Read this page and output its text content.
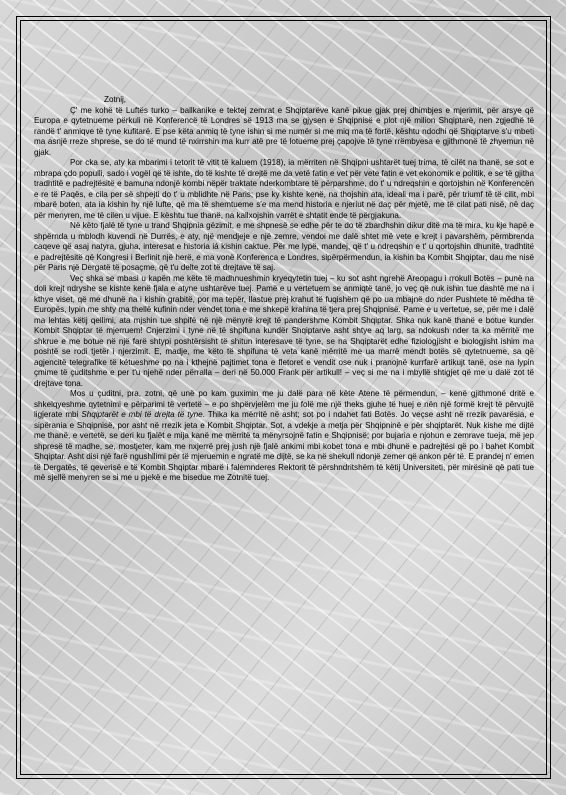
Zotnij,

Ç' me kohë të Luftës turko – ballkanike e tektej zemrat e Shqiptarëve kanë pikue gjak prej dhimbjes e mjerimit, për arsye që Europa e qytetnueme përkuli në Konferencë të Londres së 1913 ma se gjysen e Shqipnisë e plot një milion Shqiptarë, nen zgjedhë të randë t' anmiqve të tyne kufitarë. E pse këta anmiq të tyne ishin si me numër si me miq ma të fortë, kështu ndodhi që Shqiptarve s'u mbeti ma asnjë rreze shprese, se do të mund të nxirrshin ma kurr atë pre të lotueme prej çapojve të tyne rrëmbyesa e gjithmonë të zhyemun në gjak.

Por cka se, aty ka mbarimi i tetorit të vitit të kaluem (1918), ia mërriten në Shqipni ushtarët tuej trima, të cilët na thanë, se sot e mbrapa çdo populli, sado i vogël që të ishte, do të kishte të drejtë me da vetë fatin e vet për vete fatin e vet ekonomik e politik, e se të gjitha tradhtitë e padrejtësitë e bamuna ndonjë kombi nëpër traktate nderkombtare të përparshme, do t' u ndreqshin e qortojshin në Konferencën e re të Paqës, e cila per së shpejti do t' u mblidhte në Paris; pse ky kishte kenë, na thojshin ata, ideali ma i parë, për triumf të të cilit, mbi mbarë boten, ata ia kishin hy një lufte, që ma të shemtueme s'e ma mend historia e njeriut në daç për mjetë, me të cilat pati nisë, në daç për menyren, me të cilen u vijue. E kështu tue thanë, na kallxojshin varrët e shtatit ende të përgjakuna.

Në këto fjalë të tyne u trand Shqipnia gëzimit, e me shpnesë se edhe për te do të zbardhshin dikur ditë ma të mira, ku kje hapë e shpërnda u mblodh kuvendi në Durrës, e aty, një mendjeje e një zemre, vendoi me dalë shtet më vete e krejt i pavarshëm, përmbrenda caqeve që asaj natyra, gjuha, interesat e historia iá kishin caktue. Për me lypë, mandej, që t' u ndreqshin e t' u qortojshin dhunitë, tradhtitë e padrejtësitë që Kongresi i Berlinit një herë, e ma vonë Konferenca e Londres, sipërpërmendun, ia kishin ba Kombit Shqiptar, dau me nisë për Paris një Dergatë të posaçme, që t'u delte zot të drejtave të saj.

Veç shka se mbasi u kapën me këte të madhnueshmin kryeqytetin tuej – ku sot asht ngrehë Areopagu i rrokull Botës – punë na doli krejt ndryshe se kishte kenë fjala e atyne ushtarëve tuej. Pamë e u vertetuem se anmiqtë tanë, jo veç që nuk ishin tue dashtë me na i kthye viset, që me dhunë na i kishin grabitë, por ma tepër, llastue prej krahut të fuqishëm që po ua mbajnë do nder Pushtete të mëdha të Europës, lypin me shty ma thellë kufinin nder vendet tona e me shkepë krahina të tjera prej Shqipnisë. Pame e u vertetue, se, për me i dalë ma lehtas këtij qellimi, ata mjshin tue shpifë në një mënyrë krejt të pandershme Kombit Shqiptar. Shka nuk kanë thanë e botue kunder Kombit Shqiptar të mjerruem! Cnjerzimi i tyne në të shpifuna kundër Shqiptarve asht shtye aq larg, sa ndokush nder ta ka mërritë me shkrue e me botue në një farë shtypi poshtërsisht të shitun interesave të tyne, se na Shqiptarët edhe fiziologjisht e biologjisht ishim ma poshtë se rodi tjetër i njerzimit. E, madje, me këto të shpifuna të veta kanë mërritë me ua marrë mendt botës së qytetnueme, sa që agjencitë telegrafike të kétueshme po na i kthejnë pajtimet tona e fletoret e vendit ose nuk i pranojnë kurrfarë artikujt tanë, ose na lypin çmime të çuditshme e per t'u njehë nder përralla – deri në 50.000 Frank për artikull! – veç si me na i mbyllë shtigjet që me u dalë zot të drejtave tona.

Mos u çuditni, pra, zotni, që unë po kam guximin me ju dalë para në këte Atene të përmendun, – kenë gjithmonë dritë e shkelqyeshme qytetnimi e përparimi të vertetë – e po shpërvjelëm me ju folë me një theks gjuhe të huej e nën një formë krejt të përvujtë ligjerate mbi Shqiptarët e mbi të drejta të tyne. Thika ka mërritë në asht; sot po i ndahet fati Botës. Jo veçse asht në rrezik pavarësia, e sipërania e Shqipnisë, por asht në rrezik jeta e Kombit Shqiptar. Sot, a vdekje a metja për Shqipninë e për shqiptarët. Nuk kishe me dijtë me thanë, e vertetë, se deri ku fjalët e mija kanë me mërritë ta mënyrsojnë fatin e Shqipnisë; por bujaria e njohun e zemrave tueja, më jep shpresë të madhe, se, mostjeter, kam me nxjerrë prej jush një fjalë ankimi mbi kobet tona e mbi dhunë e padrejtësi që po i bahet Kombit Shqiptar. Asht disi një farë ngushllimi për të mjeruemin e ngratë me dijtë, se ka në shekull ndonjë zemer që ankon për të. E prandej n' emen të Dergatës, të qeverisë e të Kombit Shqiptar mbarë i falemnderes Rektorit të përshndritshëm të këtij Universiteti, për mirësinë që pati tue më sjellë menyren se si me u pjekë e me bisedue me Zotnitë tuej.
